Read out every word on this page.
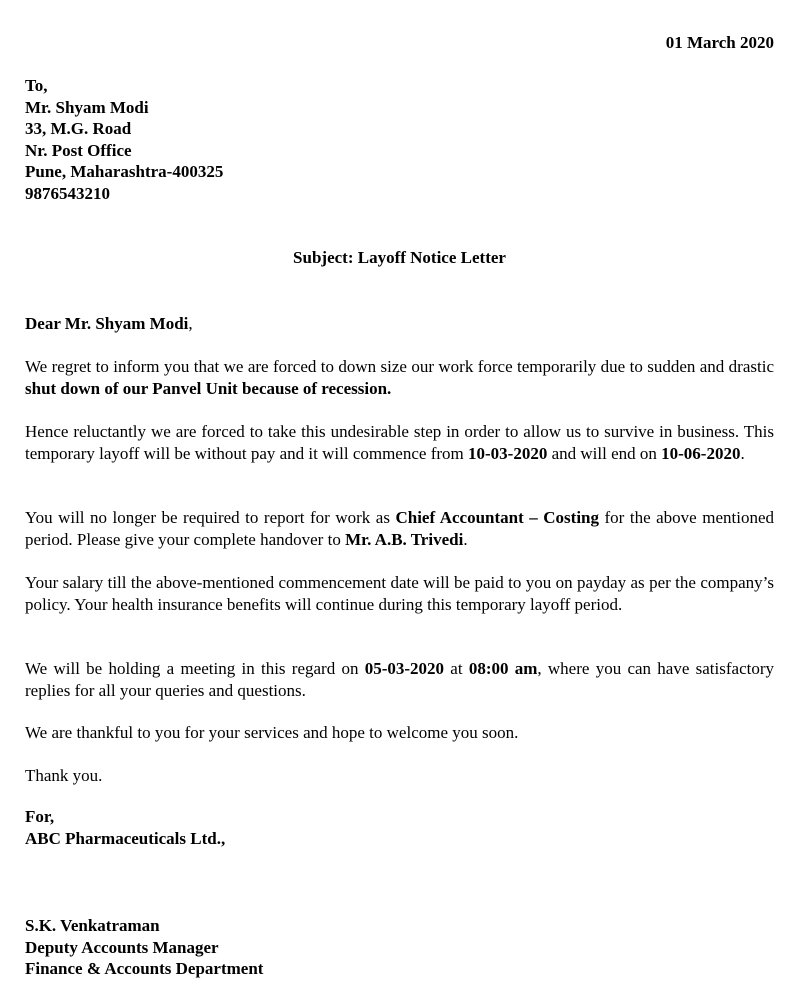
01 March 2020
To,
Mr. Shyam Modi
33, M.G. Road
Nr. Post Office
Pune, Maharashtra-400325
9876543210
Subject: Layoff Notice Letter
Dear Mr. Shyam Modi,

We regret to inform you that we are forced to down size our work force temporarily due to sudden and drastic shut down of our Panvel Unit because of recession.

Hence reluctantly we are forced to take this undesirable step in order to allow us to survive in business. This temporary layoff will be without pay and it will commence from 10-03-2020 and will end on 10-06-2020.

You will no longer be required to report for work as Chief Accountant – Costing for the above mentioned period. Please give your complete handover to Mr. A.B. Trivedi.

Your salary till the above-mentioned commencement date will be paid to you on payday as per the company’s policy. Your health insurance benefits will continue during this temporary layoff period.

We will be holding a meeting in this regard on 05-03-2020 at 08:00 am, where you can have satisfactory replies for all your queries and questions.

We are thankful to you for your services and hope to welcome you soon.

Thank you.

For,
ABC Pharmaceuticals Ltd.,
S.K. Venkatraman
Deputy Accounts Manager
Finance & Accounts Department
